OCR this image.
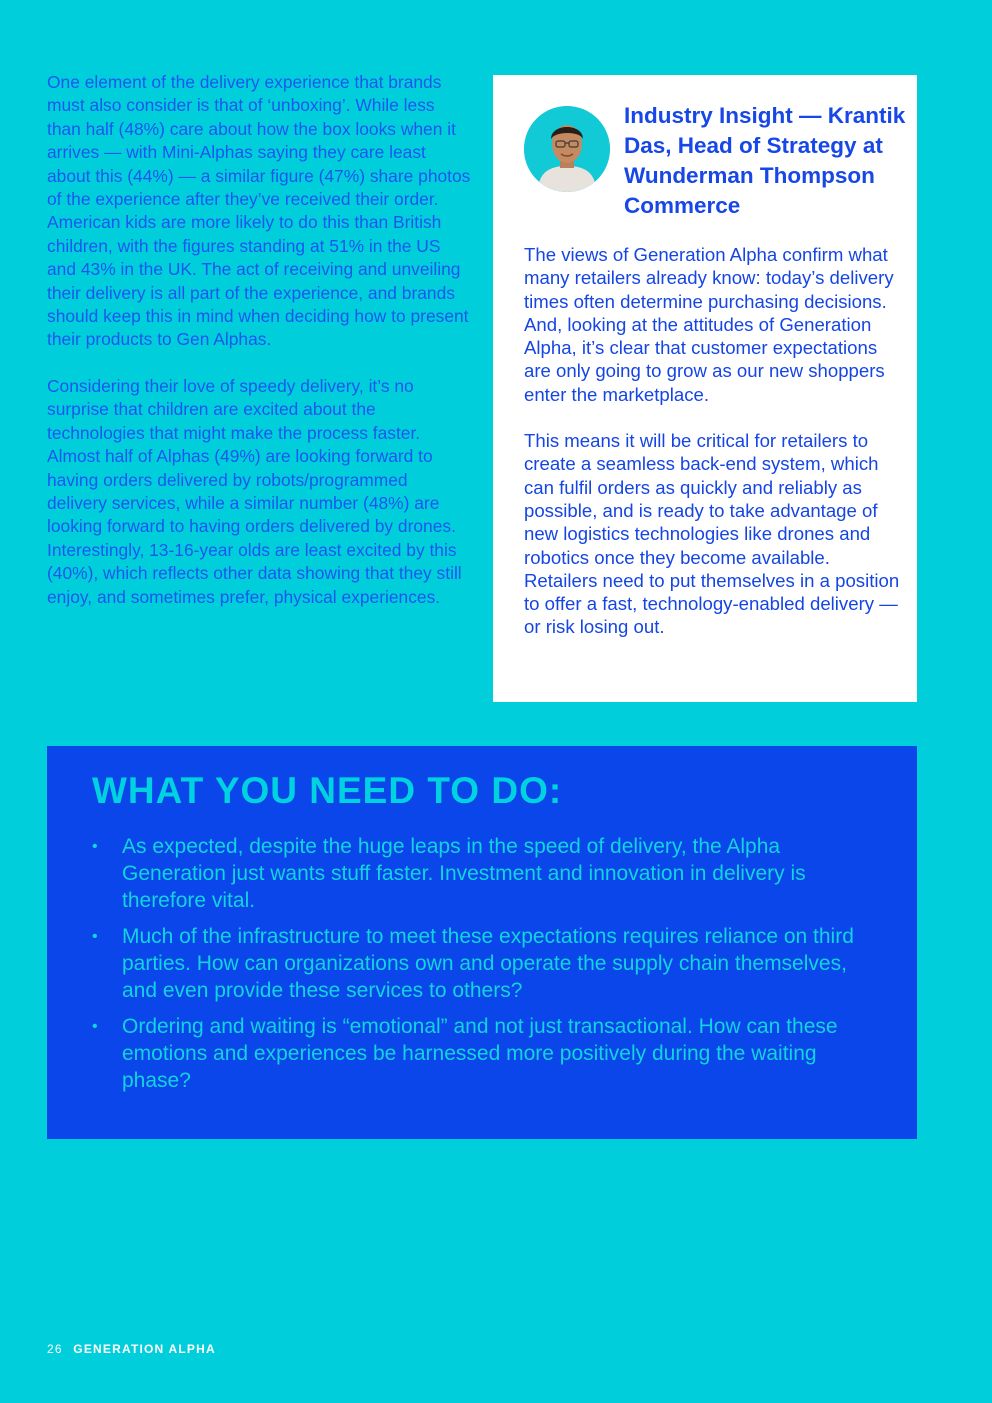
One element of the delivery experience that brands must also consider is that of ‘unboxing’. While less than half (48%) care about how the box looks when it arrives — with Mini-Alphas saying they care least about this (44%) — a similar figure (47%) share photos of the experience after they’ve received their order. American kids are more likely to do this than British children, with the figures standing at 51% in the US and 43% in the UK. The act of receiving and unveiling their delivery is all part of the experience, and brands should keep this in mind when deciding how to present their products to Gen Alphas.

Considering their love of speedy delivery, it’s no surprise that children are excited about the technologies that might make the process faster. Almost half of Alphas (49%) are looking forward to having orders delivered by robots/programmed delivery services, while a similar number (48%) are looking forward to having orders delivered by drones. Interestingly, 13-16-year olds are least excited by this (40%), which reflects other data showing that they still enjoy, and sometimes prefer, physical experiences.

Industry Insight — Krantik Das, Head of Strategy at Wunderman Thompson Commerce

The views of Generation Alpha confirm what many retailers already know: today’s delivery times often determine purchasing decisions. And, looking at the attitudes of Generation Alpha, it’s clear that customer expectations are only going to grow as our new shoppers enter the marketplace.

This means it will be critical for retailers to create a seamless back-end system, which can fulfil orders as quickly and reliably as possible, and is ready to take advantage of new logistics technologies like drones and robotics once they become available. Retailers need to put themselves in a position to offer a fast, technology-enabled delivery — or risk losing out.

WHAT YOU NEED TO DO:
• As expected, despite the huge leaps in the speed of delivery, the Alpha Generation just wants stuff faster. Investment and innovation in delivery is therefore vital.
• Much of the infrastructure to meet these expectations requires reliance on third parties. How can organizations own and operate the supply chain themselves, and even provide these services to others?
• Ordering and waiting is “emotional” and not just transactional. How can these emotions and experiences be harnessed more positively during the waiting phase?
26 GENERATION ALPHA
